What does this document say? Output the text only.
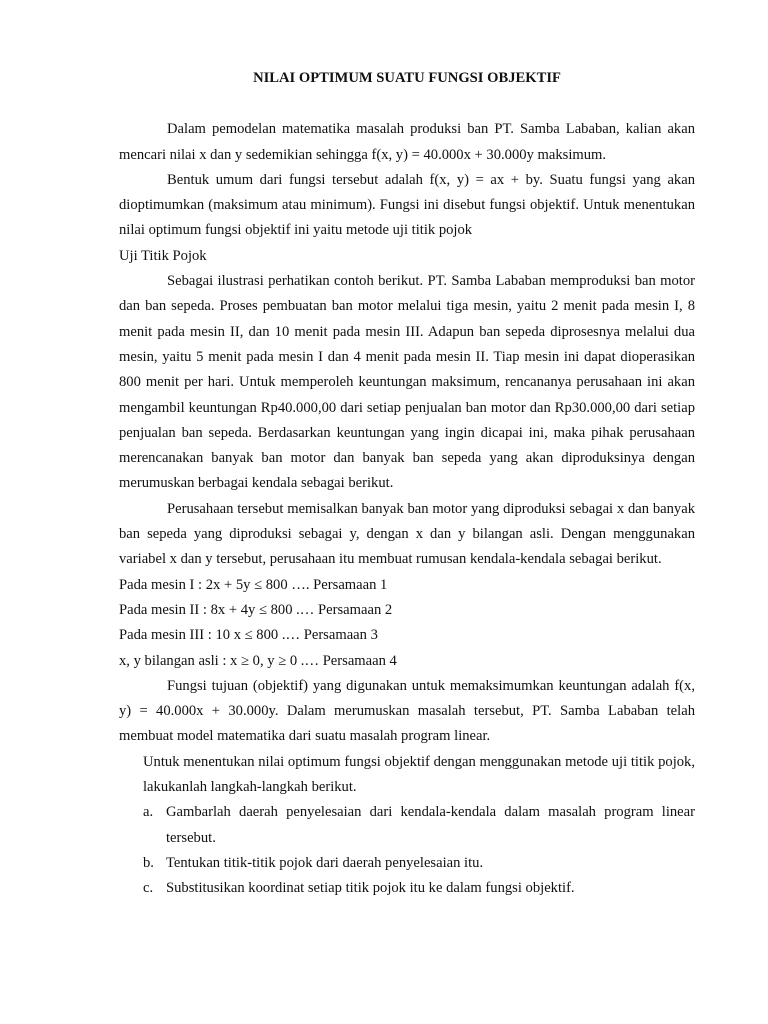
NILAI OPTIMUM SUATU FUNGSI OBJEKTIF

Dalam pemodelan matematika masalah produksi ban PT. Samba Lababan, kalian akan mencari nilai x dan y sedemikian sehingga f(x, y) = 40.000x + 30.000y maksimum.

Bentuk umum dari fungsi tersebut adalah f(x, y) = ax + by. Suatu fungsi yang akan dioptimumkan (maksimum atau minimum). Fungsi ini disebut fungsi objektif. Untuk menentukan nilai optimum fungsi objektif ini yaitu metode uji titik pojok

Uji Titik Pojok

Sebagai ilustrasi perhatikan contoh berikut. PT. Samba Lababan memproduksi ban motor dan ban sepeda. Proses pembuatan ban motor melalui tiga mesin, yaitu 2 menit pada mesin I, 8 menit pada mesin II, dan 10 menit pada mesin III. Adapun ban sepeda diprosesnya melalui dua mesin, yaitu 5 menit pada mesin I dan 4 menit pada mesin II. Tiap mesin ini dapat dioperasikan 800 menit per hari. Untuk memperoleh keuntungan maksimum, rencananya perusahaan ini akan mengambil keuntungan Rp40.000,00 dari setiap penjualan ban motor dan Rp30.000,00 dari setiap penjualan ban sepeda. Berdasarkan keuntungan yang ingin dicapai ini, maka pihak perusahaan merencanakan banyak ban motor dan banyak ban sepeda yang akan diproduksinya dengan merumuskan berbagai kendala sebagai berikut.

Perusahaan tersebut memisalkan banyak ban motor yang diproduksi sebagai x dan banyak ban sepeda yang diproduksi sebagai y, dengan x dan y bilangan asli. Dengan menggunakan variabel x dan y tersebut, perusahaan itu membuat rumusan kendala-kendala sebagai berikut.

Pada mesin I : 2x + 5y ≤ 800 …. Persamaan 1

Pada mesin II : 8x + 4y ≤ 800 .… Persamaan 2

Pada mesin III : 10 x ≤ 800 .… Persamaan 3

x, y bilangan asli : x ≥ 0, y ≥ 0 .… Persamaan 4

Fungsi tujuan (objektif) yang digunakan untuk memaksimumkan keuntungan adalah f(x, y) = 40.000x + 30.000y. Dalam merumuskan masalah tersebut, PT. Samba Lababan telah membuat model matematika dari suatu masalah program linear.

Untuk menentukan nilai optimum fungsi objektif dengan menggunakan metode uji titik pojok, lakukanlah langkah-langkah berikut.

a. Gambarlah daerah penyelesaian dari kendala-kendala dalam masalah program linear tersebut.
b. Tentukan titik-titik pojok dari daerah penyelesaian itu.
c. Substitusikan koordinat setiap titik pojok itu ke dalam fungsi objektif.
